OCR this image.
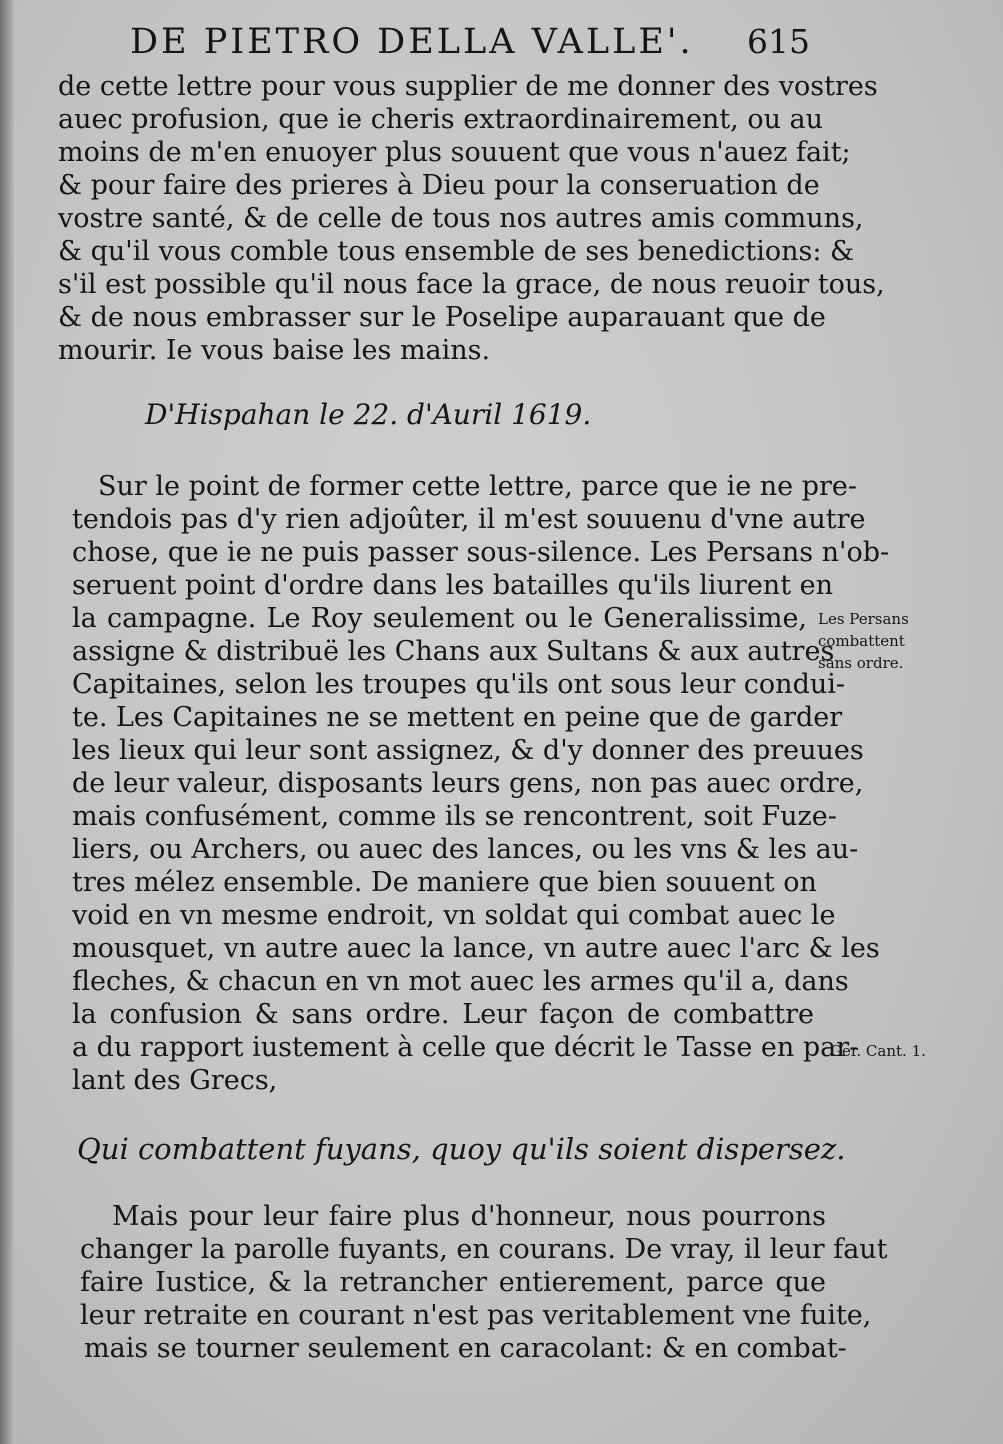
DE PIETRO DELLA VALLE'. 615
de cette lettre pour vous supplier de me donner des vostres
auec profusion, que ie cheris extraordinairement, ou au
moins de m'en enuoyer plus souuent que vous n'auez fait;
& pour faire des prieres à Dieu pour la conseruation de
vostre santé, & de celle de tous nos autres amis communs,
& qu'il vous comble tous ensemble de ses benedictions: &
s'il est possible qu'il nous face la grace, de nous reuoir tous,
& de nous embrasser sur le Poselipe auparauant que de
mourir. Ie vous baise les mains.
D'Hispahan le 22. d'Auril 1619.
Sur le point de former cette lettre, parce que ie ne pre-
tendois pas d'y rien adjoûter, il m'est souuenu d'vne autre
chose, que ie ne puis passer sous-silence. Les Persans n'ob-
seruent point d'ordre dans les batailles qu'ils liurent en
la campagne. Le Roy seulement ou le Generalissime,
assigne & distribuë les Chans aux Sultans & aux autres
Capitaines, selon les troupes qu'ils ont sous leur condui-
te. Les Capitaines ne se mettent en peine que de garder
les lieux qui leur sont assignez, & d'y donner des preuues
de leur valeur, disposants leurs gens, non pas auec ordre,
mais confusément, comme ils se rencontrent, soit Fuze-
liers, ou Archers, ou auec des lances, ou les vns & les au-
tres mélez ensemble. De maniere que bien souuent on
void en vn mesme endroit, vn soldat qui combat auec le
mousquet, vn autre auec la lance, vn autre auec l'arc & les
fleches, & chacun en vn mot auec les armes qu'il a, dans
la confusion & sans ordre. Leur façon de combattre
a du rapport iustement à celle que décrit le Tasse en par-
lant des Grecs,
Qui combattent fuyans, quoy qu'ils soient dispersez.
Mais pour leur faire plus d'honneur, nous pourrons
changer la parolle fuyants, en courans. De vray, il leur faut
faire Iustice, & la retrancher entierement, parce que
leur retraite en courant n'est pas veritablement vne fuite,
mais se tourner seulement en caracolant: & en combat-
Les Persans
combattent
sans ordre.
Ger. Cant. 1.
